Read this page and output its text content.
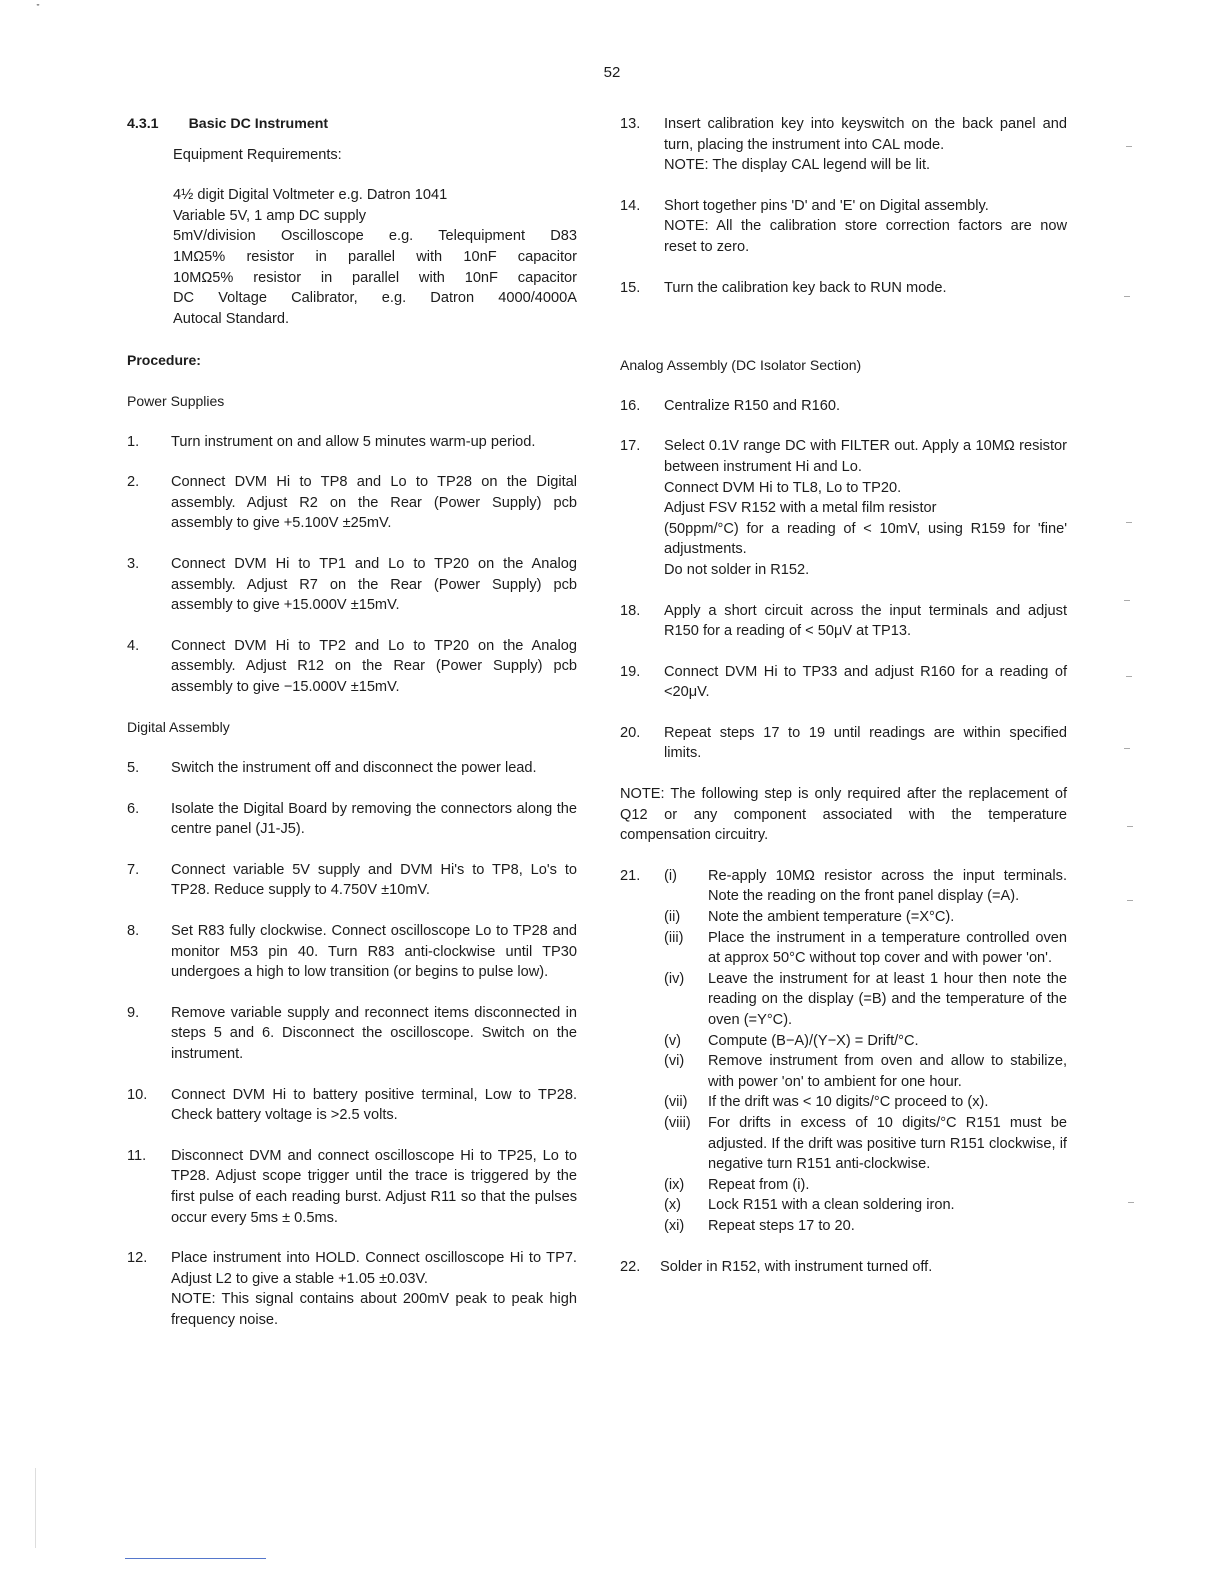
52
4.3.1 Basic DC Instrument
Equipment Requirements:
4½ digit Digital Voltmeter e.g. Datron 1041
Variable 5V, 1 amp DC supply
5mV/division Oscilloscope e.g. Telequipment D83
1MΩ5% resistor in parallel with 10nF capacitor
10MΩ5% resistor in parallel with 10nF capacitor
DC Voltage Calibrator, e.g. Datron 4000/4000A
Autocal Standard.
Procedure:
Power Supplies
1.	Turn instrument on and allow 5 minutes warm-up period.
2.	Connect DVM Hi to TP8 and Lo to TP28 on the Digital assembly. Adjust R2 on the Rear (Power Supply) pcb assembly to give +5.100V ±25mV.
3.	Connect DVM Hi to TP1 and Lo to TP20 on the Analog assembly. Adjust R7 on the Rear (Power Supply) pcb assembly to give +15.000V ±15mV.
4.	Connect DVM Hi to TP2 and Lo to TP20 on the Analog assembly. Adjust R12 on the Rear (Power Supply) pcb assembly to give −15.000V ±15mV.
Digital Assembly
5.	Switch the instrument off and disconnect the power lead.
6.	Isolate the Digital Board by removing the connectors along the centre panel (J1-J5).
7.	Connect variable 5V supply and DVM Hi's to TP8, Lo's to TP28. Reduce supply to 4.750V ±10mV.
8.	Set R83 fully clockwise. Connect oscilloscope Lo to TP28 and monitor M53 pin 40. Turn R83 anti-clockwise until TP30 undergoes a high to low transition (or begins to pulse low).
9.	Remove variable supply and reconnect items disconnected in steps 5 and 6. Disconnect the oscilloscope. Switch on the instrument.
10.	Connect DVM Hi to battery positive terminal, Low to TP28. Check battery voltage is >2.5 volts.
11.	Disconnect DVM and connect oscilloscope Hi to TP25, Lo to TP28. Adjust scope trigger until the trace is triggered by the first pulse of each reading burst. Adjust R11 so that the pulses occur every 5ms ± 0.5ms.
12.	Place instrument into HOLD. Connect oscilloscope Hi to TP7. Adjust L2 to give a stable +1.05 ±0.03V.

NOTE: This signal contains about 200mV peak to peak high frequency noise.

13.	Insert calibration key into keyswitch on the back panel and turn, placing the instrument into CAL mode.

NOTE: The display CAL legend will be lit.

14.	Short together pins 'D' and 'E' on Digital assembly.

NOTE: All the calibration store correction factors are now reset to zero.

15.	Turn the calibration key back to RUN mode.
Analog Assembly (DC Isolator Section)
16.	Centralize R150 and R160.
17.	Select 0.1V range DC with FILTER out. Apply a 10MΩ resistor between instrument Hi and Lo.

Connect DVM Hi to TL8, Lo to TP20.

Adjust FSV R152 with a metal film resistor

(50ppm/°C) for a reading of < 10mV, using R159 for 'fine' adjustments.

Do not solder in R152.

18.	Apply a short circuit across the input terminals and adjust R150 for a reading of < 50μV at TP13.
19.	Connect DVM Hi to TP33 and adjust R160 for a reading of <20μV.
20.	Repeat steps 17 to 19 until readings are within specified limits.
NOTE: The following step is only required after the replacement of Q12 or any component associated with the temperature compensation circuitry.
21.	(i)	Re-apply 10MΩ resistor across the input terminals. Note the reading on the front panel display (=A).
(ii)	Note the ambient temperature (=X°C).
(iii)	Place the instrument in a temperature controlled oven at approx 50°C without top cover and with power 'on'.
(iv)	Leave the instrument for at least 1 hour then note the reading on the display (=B) and the temperature of the oven (=Y°C).
(v)	Compute (B−A)/(Y−X) = Drift/°C.
(vi)	Remove instrument from oven and allow to stabilize, with power 'on' to ambient for one hour.
(vii)	If the drift was < 10 digits/°C proceed to (x).
(viii)	For drifts in excess of 10 digits/°C R151 must be adjusted. If the drift was positive turn R151 clockwise, if negative turn R151 anti-clockwise.
(ix)	Repeat from (i).
(x)	Lock R151 with a clean soldering iron.
(xi)	Repeat steps 17 to 20.
22.	Solder in R152, with instrument turned off.
